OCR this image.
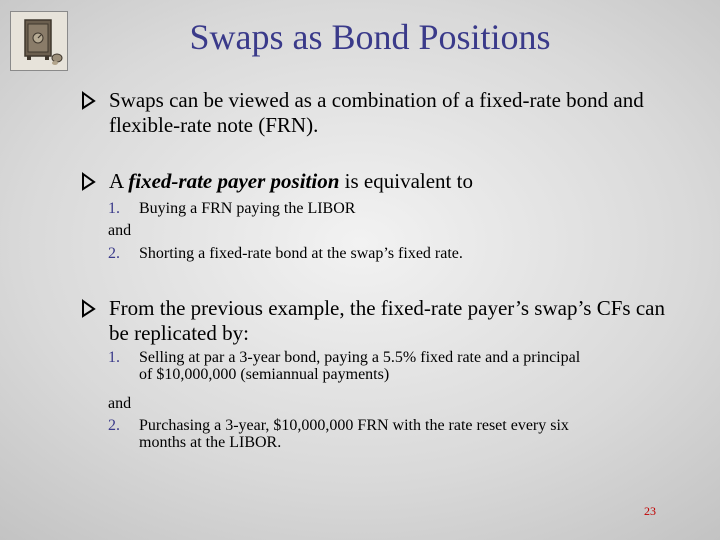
Swaps as Bond Positions
Swaps can be viewed as a combination of a fixed-rate bond and flexible-rate note (FRN).
A fixed-rate payer position is equivalent to
1. Buying a FRN paying the LIBOR
and
2. Shorting a fixed-rate bond at the swap’s fixed rate.
From the previous example, the fixed-rate payer’s swap’s CFs can be replicated by:
1. Selling at par a 3-year bond, paying a 5.5% fixed rate and a principal
of $10,000,000 (semiannual payments)
and
2. Purchasing a 3-year, $10,000,000 FRN with the rate reset every six
months at the LIBOR.
23
